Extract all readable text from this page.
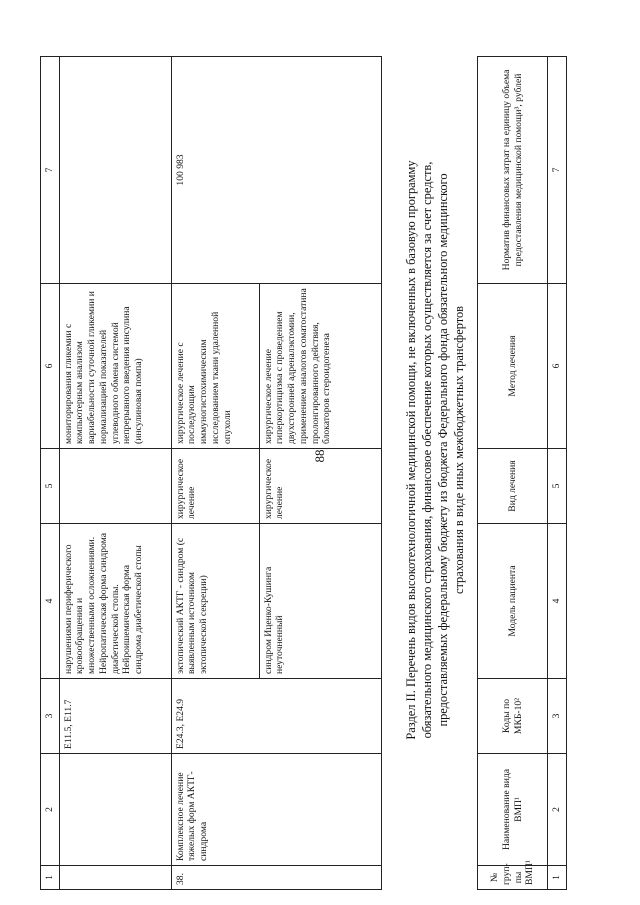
88
1	2	3	4	5	6	7
		E11.5, E11.7	нарушениями периферического кровообращения и множественными осложнениями. Нейропатическая форма синдрома диабетической стопы. Нейроишемическая форма синдрома диабетической стопы		мониторирования гликемии с компьютерным анализом вариабельности суточной гликемии и нормализацией показателей углеводного обмена системой непрерывного введения инсулина (инсулиновая помпа)	
38.	Комплексное лечение тяжелых форм АКТГ-синдрома	E24.3, E24.9	эктопический АКТГ - синдром (с выявленным источником эктопической секреции)	хирургическое лечение	хирургическое лечение с последующим иммуногистохимическим исследованием ткани удаленной опухоли	100 983
			синдром Иценко-Кушинга неуточненный	хирургическое лечение	хирургическое лечение гиперкортицизма с проведением двухсторонней адреналэктомии, применением аналогов соматостатина пролонгированного действия, блокаторов стероидогенеза		Раздел II. Перечень видов высокотехнологичной медицинской помощи, не включенных в базовую программу обязательного медицинского страхования, финансовое обеспечение которых осуществляется за счет средств, предоставляемых федеральному бюджету из бюджета Федерального фонда обязательного медицинского страхования в виде иных межбюджетных трансфертов
№ груп-пы ВМП¹	Наименование вида ВМП¹	Коды по МКБ-10²	Модель пациента	Вид лечения	Метод лечения	Норматив финансовых затрат на единицу объема предоставления медицинской помощи³, рублей
1	2	3	4	5	6	7
